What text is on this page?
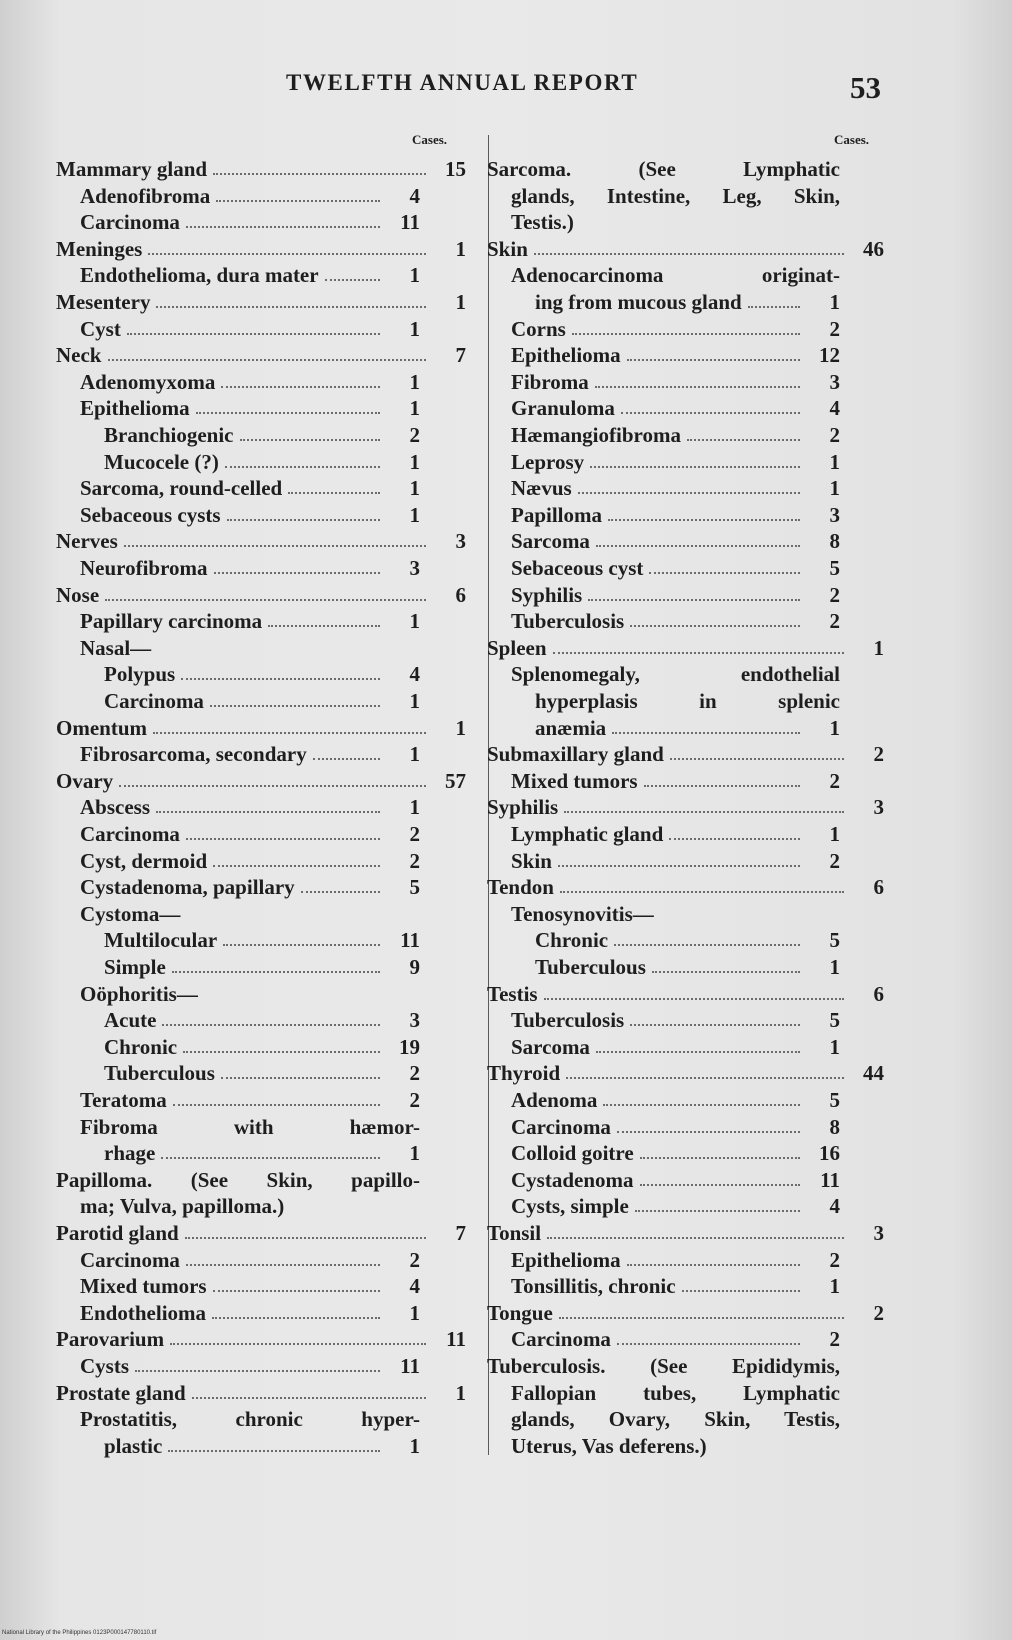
TWELFTH ANNUAL REPORT	53
Cases.	Cases.
Mammary gland	15
Adenofibroma	4
Carcinoma	11
Meninges	1
Endothelioma, dura mater	1
Mesentery	1
Cyst	1
Neck	7
Adenomyxoma	1
Epithelioma	1
Branchiogenic	2
Mucocele (?)	1
Sarcoma, round-celled	1
Sebaceous cysts	1
Nerves	3
Neurofibroma	3
Nose	6
Papillary carcinoma	1
Nasal—
Polypus	4
Carcinoma	1
Omentum	1
Fibrosarcoma, secondary	1
Ovary	57
Abscess	1
Carcinoma	2
Cyst, dermoid	2
Cystadenoma, papillary	5
Cystoma—
Multilocular	11
Simple	9
Oöphoritis—
Acute	3
Chronic	19
Tuberculous	2
Teratoma	2
Fibroma with hæmor-
rhage	1
Papilloma. (See Skin, papillo-
ma; Vulva, papilloma.)
Parotid gland	7
Carcinoma	2
Mixed tumors	4
Endothelioma	1
Parovarium	11
Cysts	11
Prostate gland	1
Prostatitis, chronic hyper-
plastic	1
Sarcoma. (See Lymphatic
glands, Intestine, Leg, Skin,
Testis.)
Skin	46
Adenocarcinoma originat-
ing from mucous gland	1
Corns	2
Epithelioma	12
Fibroma	3
Granuloma	4
Hæmangiofibroma	2
Leprosy	1
Nævus	1
Papilloma	3
Sarcoma	8
Sebaceous cyst	5
Syphilis	2
Tuberculosis	2
Spleen	1
Splenomegaly, endothelial
hyperplasis in splenic
anæmia	1
Submaxillary gland	2
Mixed tumors	2
Syphilis	3
Lymphatic gland	1
Skin	2
Tendon	6
Tenosynovitis—
Chronic	5
Tuberculous	1
Testis	6
Tuberculosis	5
Sarcoma	1
Thyroid	44
Adenoma	5
Carcinoma	8
Colloid goitre	16
Cystadenoma	11
Cysts, simple	4
Tonsil	3
Epithelioma	2
Tonsillitis, chronic	1
Tongue	2
Carcinoma	2
Tuberculosis. (See Epididymis,
Fallopian tubes, Lymphatic
glands, Ovary, Skin, Testis,
Uterus, Vas deferens.)
National Library of the Philippines 0123P000147780110.tif
